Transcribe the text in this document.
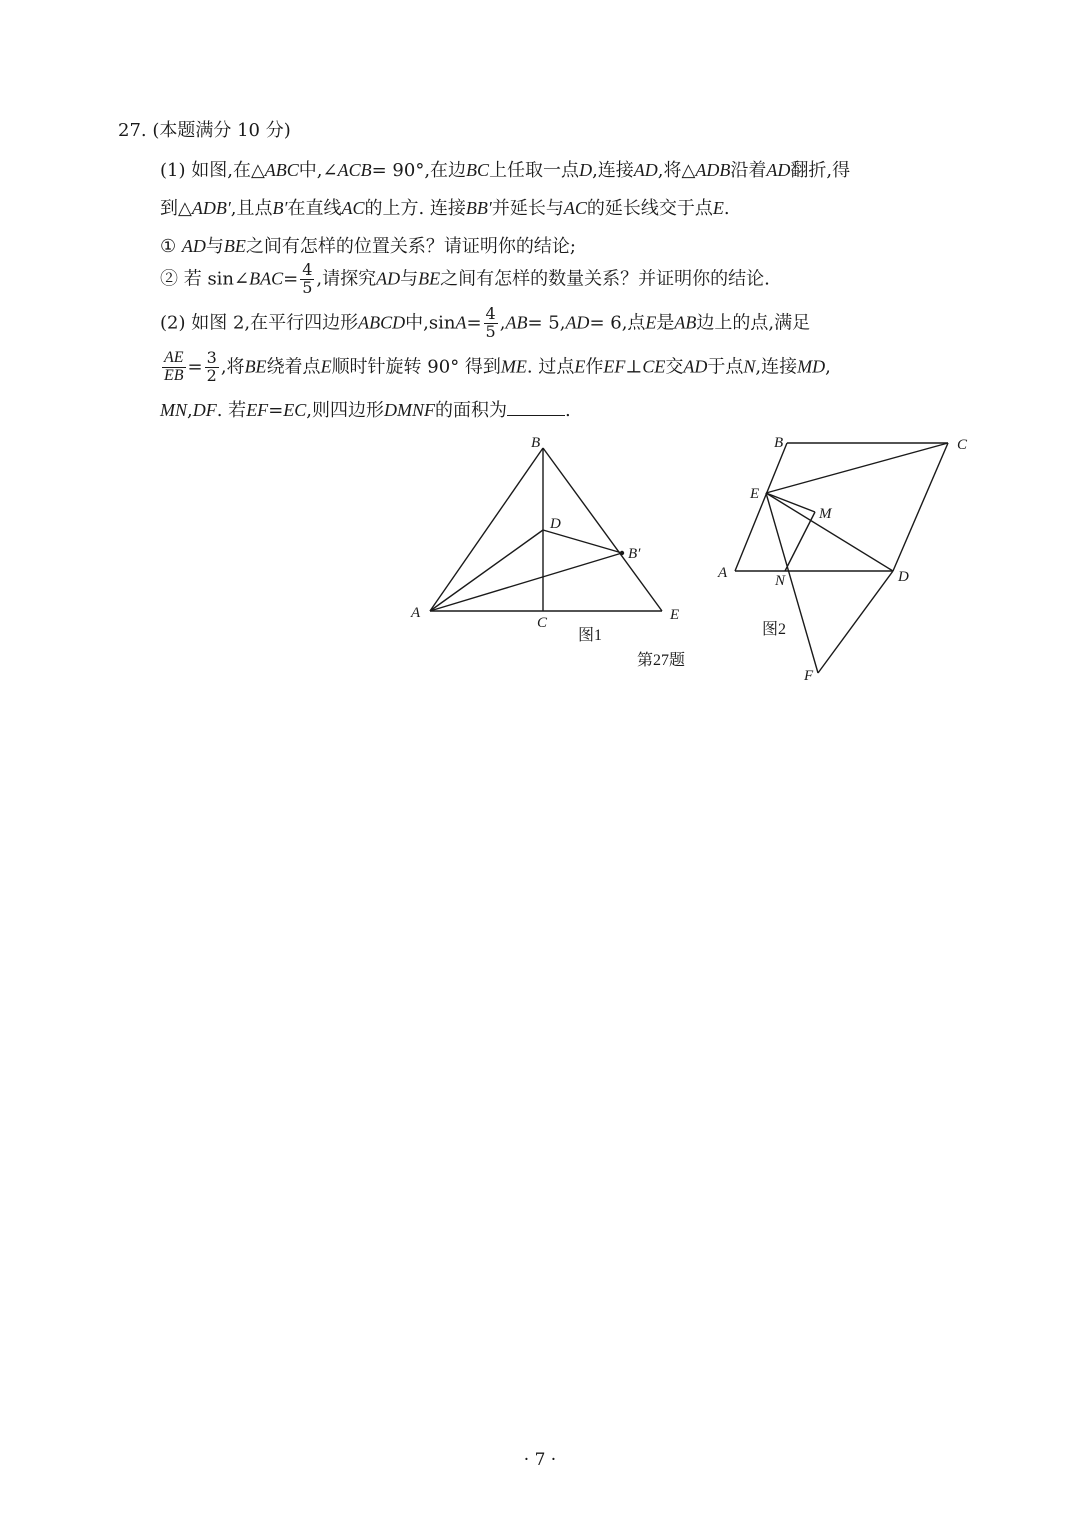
27. (本题满分 10 分)
(1) 如图,在△ABC中,∠ACB= 90°,在边BC上任取一点D,连接AD,将△ADB沿着AD翻折,得
到△ADB′,且点B′在直线AC的上方. 连接BB′并延长与AC的延长线交于点E.
① AD与BE之间有怎样的位置关系？请证明你的结论;
② 若 sin∠BAC= $\frac{4}{5}$ ,请探究AD与BE之间有怎样的数量关系？并证明你的结论.
(2) 如图 2,在平行四边形ABCD中$,\sin A= \frac{4}{5} ,AB= 5,AD= 6$,点E是AB边上的点,满足
$\frac{AE}{EB} = \frac{3}{2}$ ,将BE绕着点E顺时针旋转 90° 得到ME. 过点E作EF⊥CE交AD于点N,连接MD,
MN,DF. 若EF=EC,则四边形DMNF的面积为	.
B
D
B′
A
C	E
图1
B	C
E
M
A	N	D
F
图2
第27题
· 7 ·
